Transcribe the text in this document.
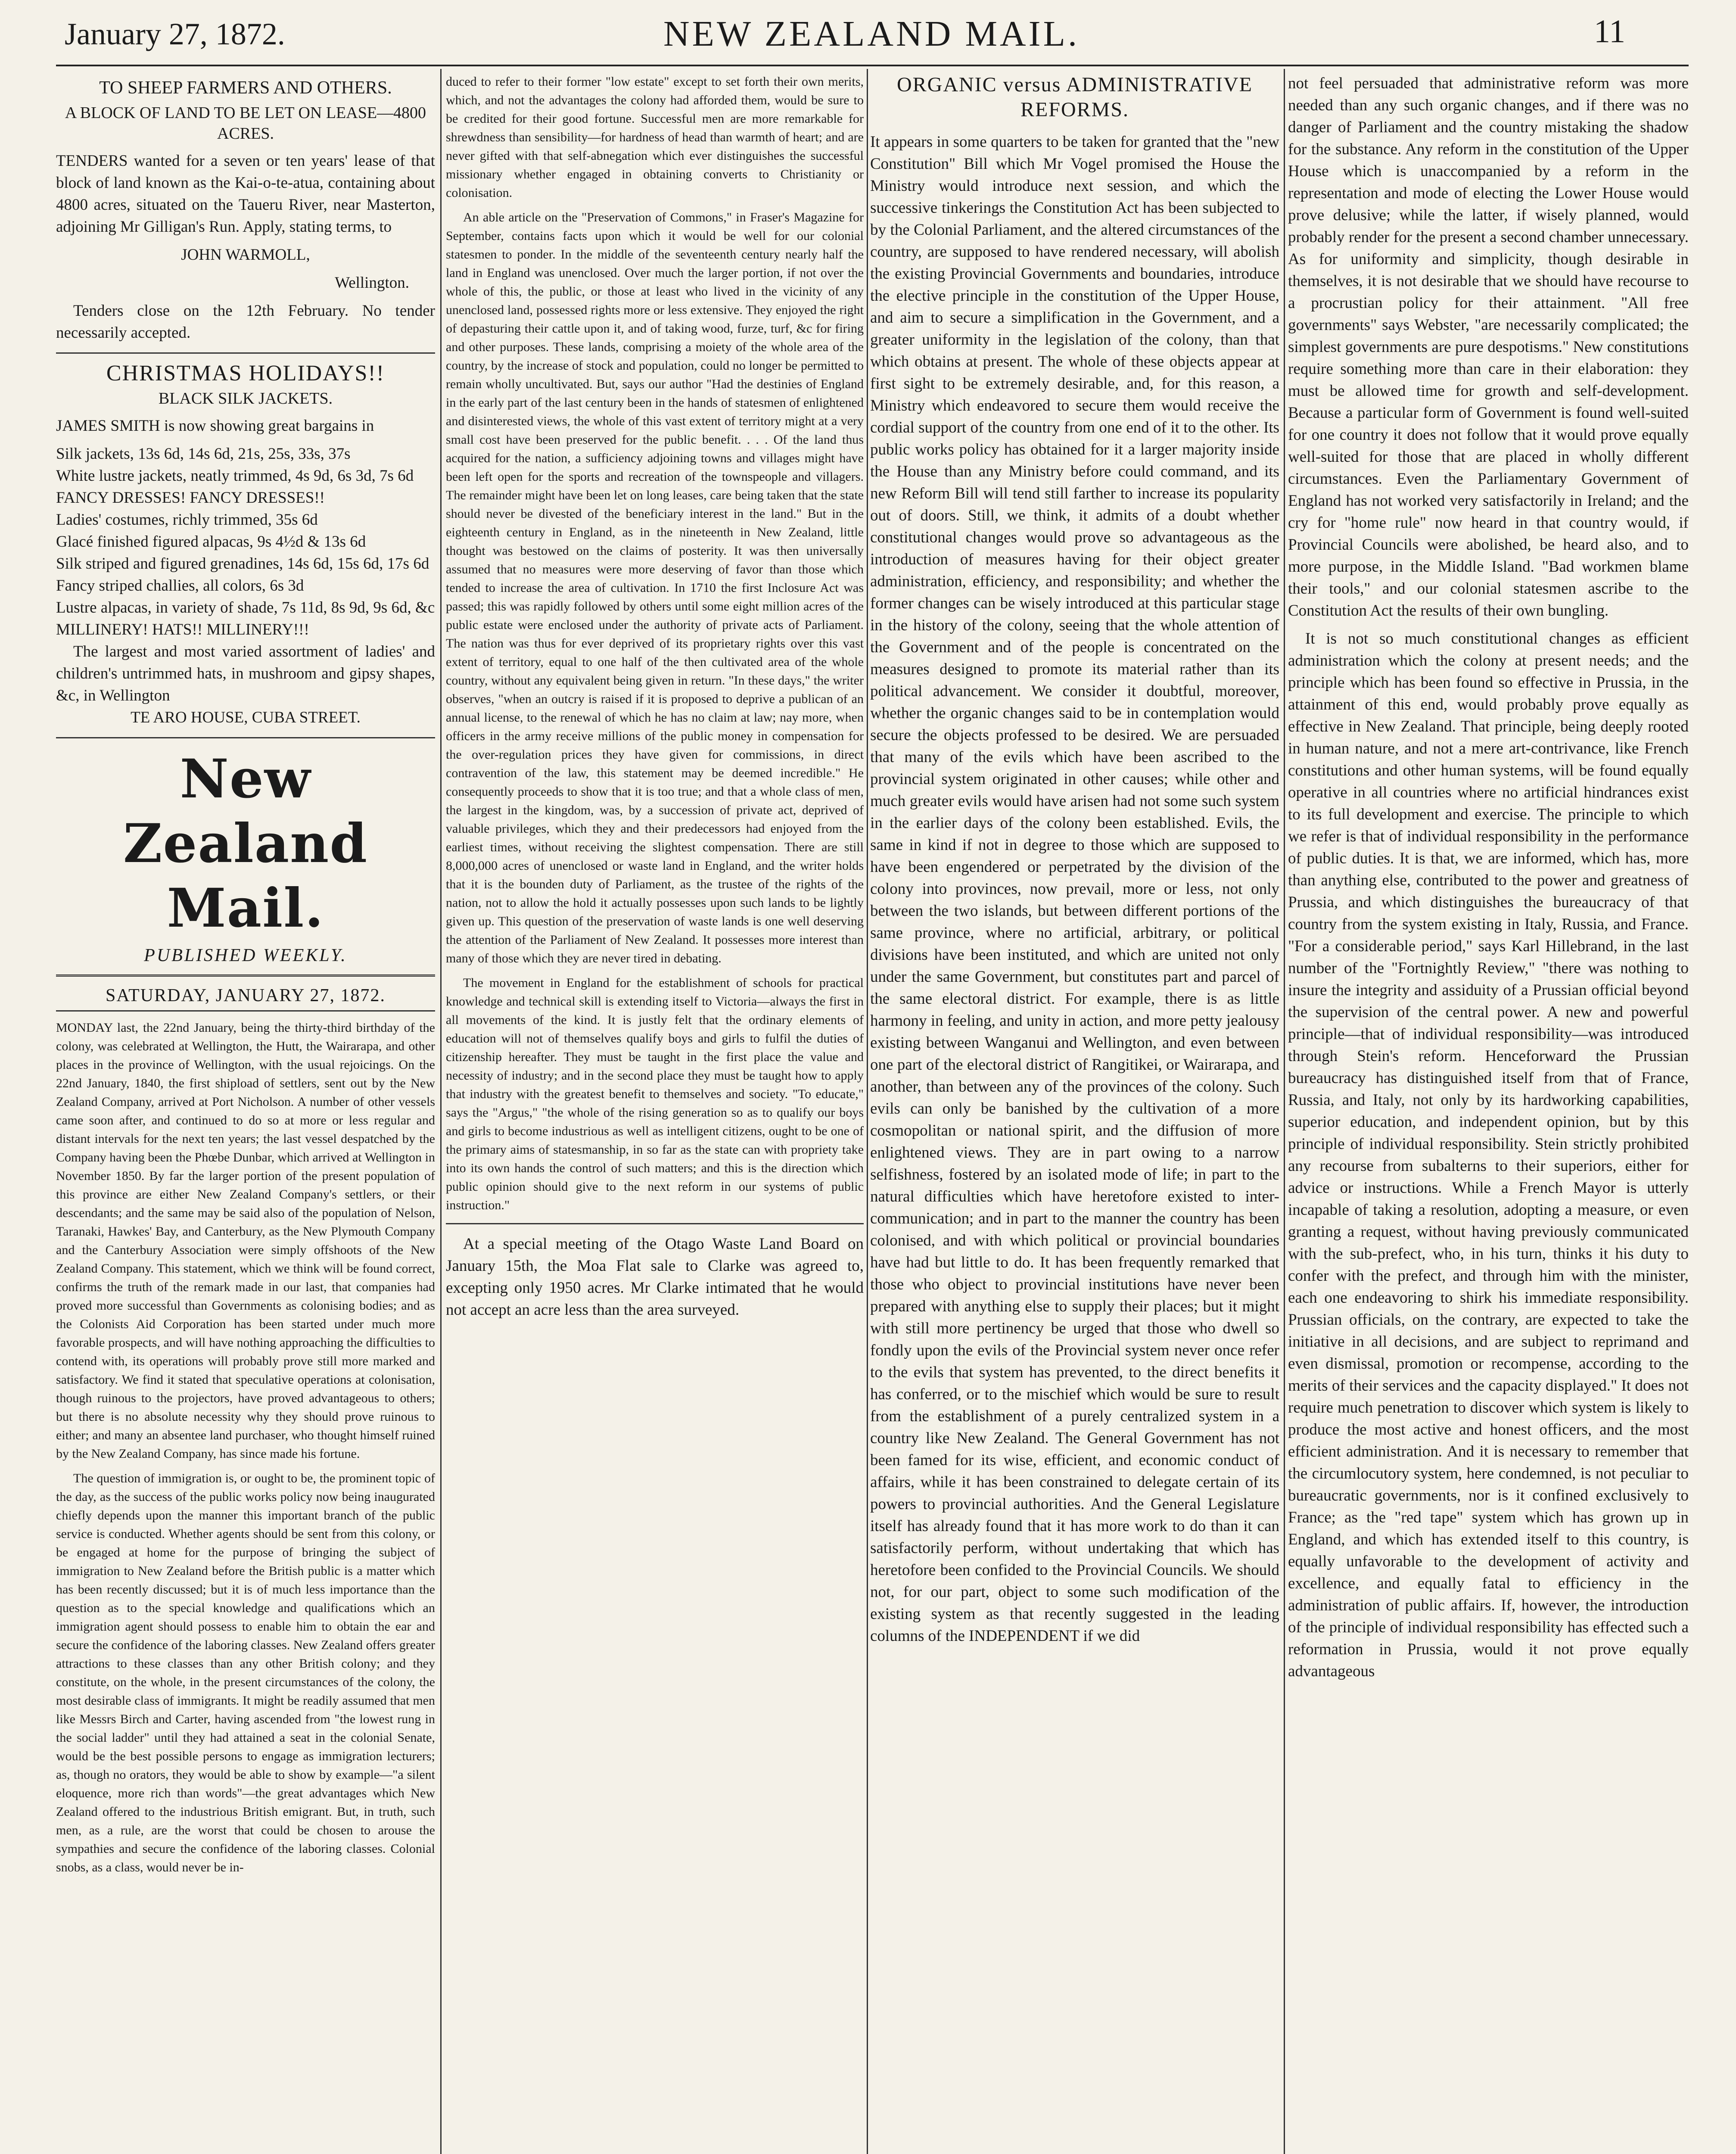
January 27, 1872.	NEW ZEALAND MAIL.	11
TO SHEEP FARMERS AND OTHERS.
A BLOCK OF LAND TO BE LET ON LEASE—4800 ACRES.

TENDERS wanted for a seven or ten years' lease of that block of land known as the Kai-o-te-atua, containing about 4800 acres, situated on the Taueru River, near Masterton, adjoining Mr Gilligan's Run. Apply, stating terms, to

JOHN WARMOLL,

Wellington.

Tenders close on the 12th February. No tender necessarily accepted.

CHRISTMAS HOLIDAYS!!
BLACK SILK JACKETS.

JAMES SMITH is now showing great bargains in

Silk jackets, 13s 6d, 14s 6d, 21s, 25s, 33s, 37s

White lustre jackets, neatly trimmed, 4s 9d, 6s 3d, 7s 6d

FANCY DRESSES! FANCY DRESSES!!

Ladies' costumes, richly trimmed, 35s 6d

Glacé finished figured alpacas, 9s 4½d & 13s 6d

Silk striped and figured grenadines, 14s 6d, 15s 6d, 17s 6d

Fancy striped challies, all colors, 6s 3d

Lustre alpacas, in variety of shade, 7s 11d, 8s 9d, 9s 6d, &c

MILLINERY! HATS!! MILLINERY!!!

The largest and most varied assortment of ladies' and children's untrimmed hats, in mushroom and gipsy shapes, &c, in Wellington

TE ARO HOUSE, CUBA STREET.

New Zealand Mail.
PUBLISHED WEEKLY.
SATURDAY, JANUARY 27, 1872.

MONDAY last, the 22nd January, being the thirty-third birthday of the colony, was celebrated at Wellington, the Hutt, the Wairarapa, and other places in the province of Wellington, with the usual rejoicings. On the 22nd January, 1840, the first shipload of settlers, sent out by the New Zealand Company, arrived at Port Nicholson. A number of other vessels came soon after, and continued to do so at more or less regular and distant intervals for the next ten years; the last vessel despatched by the Company having been the Phœbe Dunbar, which arrived at Wellington in November 1850. By far the larger portion of the present population of this province are either New Zealand Company's settlers, or their descendants; and the same may be said also of the population of Nelson, Taranaki, Hawkes' Bay, and Canterbury, as the New Plymouth Company and the Canterbury Association were simply offshoots of the New Zealand Company. This statement, which we think will be found correct, confirms the truth of the remark made in our last, that companies had proved more successful than Governments as colonising bodies; and as the Colonists Aid Corporation has been started under much more favorable prospects, and will have nothing approaching the difficulties to contend with, its operations will probably prove still more marked and satisfactory. We find it stated that speculative operations at colonisation, though ruinous to the projectors, have proved advantageous to others; but there is no absolute necessity why they should prove ruinous to either; and many an absentee land purchaser, who thought himself ruined by the New Zealand Company, has since made his fortune.

The question of immigration is, or ought to be, the prominent topic of the day, as the success of the public works policy now being inaugurated chiefly depends upon the manner this important branch of the public service is conducted. Whether agents should be sent from this colony, or be engaged at home for the purpose of bringing the subject of immigration to New Zealand before the British public is a matter which has been recently discussed; but it is of much less importance than the question as to the special knowledge and qualifications which an immigration agent should possess to enable him to obtain the ear and secure the confidence of the laboring classes. New Zealand offers greater attractions to these classes than any other British colony; and they constitute, on the whole, in the present circumstances of the colony, the most desirable class of immigrants. It might be readily assumed that men like Messrs Birch and Carter, having ascended from "the lowest rung in the social ladder" until they had attained a seat in the colonial Senate, would be the best possible persons to engage as immigration lecturers; as, though no orators, they would be able to show by example—"a silent eloquence, more rich than words"—the great advantages which New Zealand offered to the industrious British emigrant. But, in truth, such men, as a rule, are the worst that could be chosen to arouse the sympathies and secure the confidence of the laboring classes. Colonial snobs, as a class, would never be in-

duced to refer to their former "low estate" except to set forth their own merits, which, and not the advantages the colony had afforded them, would be sure to be credited for their good fortune. Successful men are more remarkable for shrewdness than sensibility—for hardness of head than warmth of heart; and are never gifted with that self-abnegation which ever distinguishes the successful missionary whether engaged in obtaining converts to Christianity or colonisation.

An able article on the "Preservation of Commons," in Fraser's Magazine for September, contains facts upon which it would be well for our colonial statesmen to ponder. In the middle of the seventeenth century nearly half the land in England was unenclosed. Over much the larger portion, if not over the whole of this, the public, or those at least who lived in the vicinity of any unenclosed land, possessed rights more or less extensive. They enjoyed the right of depasturing their cattle upon it, and of taking wood, furze, turf, &c for firing and other purposes. These lands, comprising a moiety of the whole area of the country, by the increase of stock and population, could no longer be permitted to remain wholly uncultivated. But, says our author "Had the destinies of England in the early part of the last century been in the hands of statesmen of enlightened and disinterested views, the whole of this vast extent of territory might at a very small cost have been preserved for the public benefit. . . . Of the land thus acquired for the nation, a sufficiency adjoining towns and villages might have been left open for the sports and recreation of the townspeople and villagers. The remainder might have been let on long leases, care being taken that the state should never be divested of the beneficiary interest in the land." But in the eighteenth century in England, as in the nineteenth in New Zealand, little thought was bestowed on the claims of posterity. It was then universally assumed that no measures were more deserving of favor than those which tended to increase the area of cultivation. In 1710 the first Inclosure Act was passed; this was rapidly followed by others until some eight million acres of the public estate were enclosed under the authority of private acts of Parliament. The nation was thus for ever deprived of its proprietary rights over this vast extent of territory, equal to one half of the then cultivated area of the whole country, without any equivalent being given in return. "In these days," the writer observes, "when an outcry is raised if it is proposed to deprive a publican of an annual license, to the renewal of which he has no claim at law; nay more, when officers in the army receive millions of the public money in compensation for the over-regulation prices they have given for commissions, in direct contravention of the law, this statement may be deemed incredible." He consequently proceeds to show that it is too true; and that a whole class of men, the largest in the kingdom, was, by a succession of private act, deprived of valuable privileges, which they and their predecessors had enjoyed from the earliest times, without receiving the slightest compensation. There are still 8,000,000 acres of unenclosed or waste land in England, and the writer holds that it is the bounden duty of Parliament, as the trustee of the rights of the nation, not to allow the hold it actually possesses upon such lands to be lightly given up. This question of the preservation of waste lands is one well deserving the attention of the Parliament of New Zealand. It possesses more interest than many of those which they are never tired in debating.

The movement in England for the establishment of schools for practical knowledge and technical skill is extending itself to Victoria—always the first in all movements of the kind. It is justly felt that the ordinary elements of education will not of themselves qualify boys and girls to fulfil the duties of citizenship hereafter. They must be taught in the first place the value and necessity of industry; and in the second place they must be taught how to apply that industry with the greatest benefit to themselves and society. "To educate," says the "Argus," "the whole of the rising generation so as to qualify our boys and girls to become industrious as well as intelligent citizens, ought to be one of the primary aims of statesmanship, in so far as the state can with propriety take into its own hands the control of such matters; and this is the direction which public opinion should give to the next reform in our systems of public instruction."

At a special meeting of the Otago Waste Land Board on January 15th, the Moa Flat sale to Clarke was agreed to, excepting only 1950 acres. Mr Clarke intimated that he would not accept an acre less than the area surveyed.

ORGANIC versus ADMINISTRATIVE REFORMS.

It appears in some quarters to be taken for granted that the "new Constitution" Bill which Mr Vogel promised the House the Ministry would introduce next session, and which the successive tinkerings the Constitution Act has been subjected to by the Colonial Parliament, and the altered circumstances of the country, are supposed to have rendered necessary, will abolish the existing Provincial Governments and boundaries, introduce the elective principle in the constitution of the Upper House, and aim to secure a simplification in the Government, and a greater uniformity in the legislation of the colony, than that which obtains at present. The whole of these objects appear at first sight to be extremely desirable, and, for this reason, a Ministry which endeavored to secure them would receive the cordial support of the country from one end of it to the other. Its public works policy has obtained for it a larger majority inside the House than any Ministry before could command, and its new Reform Bill will tend still farther to increase its popularity out of doors. Still, we think, it admits of a doubt whether constitutional changes would prove so advantageous as the introduction of measures having for their object greater administration, efficiency, and responsibility; and whether the former changes can be wisely introduced at this particular stage in the history of the colony, seeing that the whole attention of the Government and of the people is concentrated on the measures designed to promote its material rather than its political advancement. We consider it doubtful, moreover, whether the organic changes said to be in contemplation would secure the objects professed to be desired. We are persuaded that many of the evils which have been ascribed to the provincial system originated in other causes; while other and much greater evils would have arisen had not some such system in the earlier days of the colony been established. Evils, the same in kind if not in degree to those which are supposed to have been engendered or perpetrated by the division of the colony into provinces, now prevail, more or less, not only between the two islands, but between different portions of the same province, where no artificial, arbitrary, or political divisions have been instituted, and which are united not only under the same Government, but constitutes part and parcel of the same electoral district. For example, there is as little harmony in feeling, and unity in action, and more petty jealousy existing between Wanganui and Wellington, and even between one part of the electoral district of Rangitikei, or Wairarapa, and another, than between any of the provinces of the colony. Such evils can only be banished by the cultivation of a more cosmopolitan or national spirit, and the diffusion of more enlightened views. They are in part owing to a narrow selfishness, fostered by an isolated mode of life; in part to the natural difficulties which have heretofore existed to inter-communication; and in part to the manner the country has been colonised, and with which political or provincial boundaries have had but little to do. It has been frequently remarked that those who object to provincial institutions have never been prepared with anything else to supply their places; but it might with still more pertinency be urged that those who dwell so fondly upon the evils of the Provincial system never once refer to the evils that system has prevented, to the direct benefits it has conferred, or to the mischief which would be sure to result from the establishment of a purely centralized system in a country like New Zealand. The General Government has not been famed for its wise, efficient, and economic conduct of affairs, while it has been constrained to delegate certain of its powers to provincial authorities. And the General Legislature itself has already found that it has more work to do than it can satisfactorily perform, without undertaking that which has heretofore been confided to the Provincial Councils. We should not, for our part, object to some such modification of the existing system as that recently suggested in the leading columns of the INDEPENDENT if we did

not feel persuaded that administrative reform was more needed than any such organic changes, and if there was no danger of Parliament and the country mistaking the shadow for the substance. Any reform in the constitution of the Upper House which is unaccompanied by a reform in the representation and mode of electing the Lower House would prove delusive; while the latter, if wisely planned, would probably render for the present a second chamber unnecessary. As for uniformity and simplicity, though desirable in themselves, it is not desirable that we should have recourse to a procrustian policy for their attainment. "All free governments" says Webster, "are necessarily complicated; the simplest governments are pure despotisms." New constitutions require something more than care in their elaboration: they must be allowed time for growth and self-development. Because a particular form of Government is found well-suited for one country it does not follow that it would prove equally well-suited for those that are placed in wholly different circumstances. Even the Parliamentary Government of England has not worked very satisfactorily in Ireland; and the cry for "home rule" now heard in that country would, if Provincial Councils were abolished, be heard also, and to more purpose, in the Middle Island. "Bad workmen blame their tools," and our colonial statesmen ascribe to the Constitution Act the results of their own bungling.

It is not so much constitutional changes as efficient administration which the colony at present needs; and the principle which has been found so effective in Prussia, in the attainment of this end, would probably prove equally as effective in New Zealand. That principle, being deeply rooted in human nature, and not a mere art-contrivance, like French constitutions and other human systems, will be found equally operative in all countries where no artificial hindrances exist to its full development and exercise. The principle to which we refer is that of individual responsibility in the performance of public duties. It is that, we are informed, which has, more than anything else, contributed to the power and greatness of Prussia, and which distinguishes the bureaucracy of that country from the system existing in Italy, Russia, and France. "For a considerable period," says Karl Hillebrand, in the last number of the "Fortnightly Review," "there was nothing to insure the integrity and assiduity of a Prussian official beyond the supervision of the central power. A new and powerful principle—that of individual responsibility—was introduced through Stein's reform. Henceforward the Prussian bureaucracy has distinguished itself from that of France, Russia, and Italy, not only by its hardworking capabilities, superior education, and independent opinion, but by this principle of individual responsibility. Stein strictly prohibited any recourse from subalterns to their superiors, either for advice or instructions. While a French Mayor is utterly incapable of taking a resolution, adopting a measure, or even granting a request, without having previously communicated with the sub-prefect, who, in his turn, thinks it his duty to confer with the prefect, and through him with the minister, each one endeavoring to shirk his immediate responsibility. Prussian officials, on the contrary, are expected to take the initiative in all decisions, and are subject to reprimand and even dismissal, promotion or recompense, according to the merits of their services and the capacity displayed." It does not require much penetration to discover which system is likely to produce the most active and honest officers, and the most efficient administration. And it is necessary to remember that the circumlocutory system, here condemned, is not peculiar to bureaucratic governments, nor is it confined exclusively to France; as the "red tape" system which has grown up in England, and which has extended itself to this country, is equally unfavorable to the development of activity and excellence, and equally fatal to efficiency in the administration of public affairs. If, however, the introduction of the principle of individual responsibility has effected such a reformation in Prussia, would it not prove equally advantageous
